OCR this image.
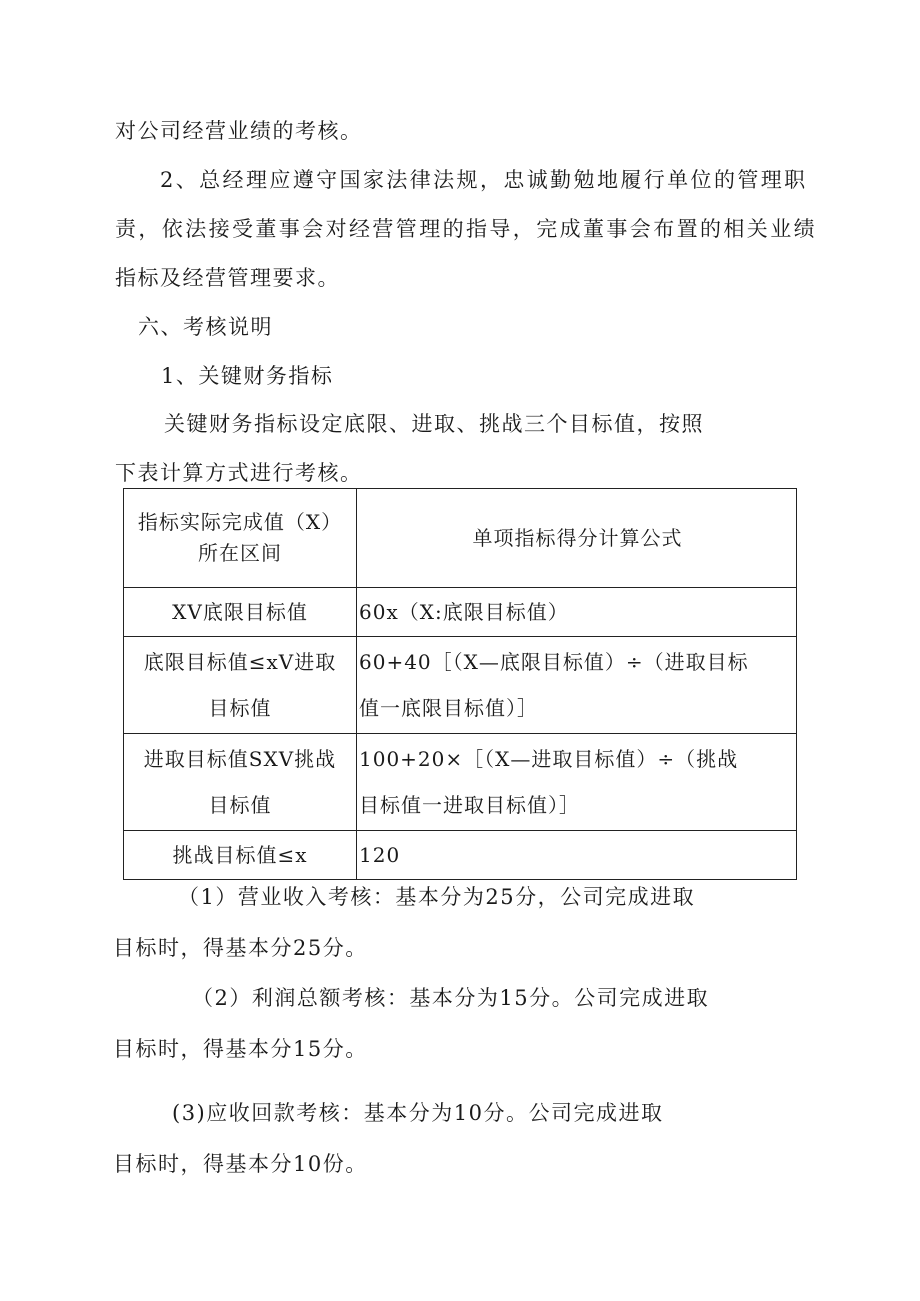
对公司经营业绩的考核。
2、总经理应遵守国家法律法规，忠诚勤勉地履行单位的管理职
责，依法接受董事会对经营管理的指导，完成董事会布置的相关业绩
指标及经营管理要求。
六、考核说明
1、关键财务指标
关键财务指标设定底限、进取、挑战三个目标值，按照
下表计算方式进行考核。
指标实际完成值（X）
所在区间	单项指标得分计算公式

XV底限目标值	60x（X:底限目标值）

底限目标值≤xV进取
目标值	60+40［（X—底限目标值）÷（进取目标
值一底限目标值）］

进取目标值SXV挑战
目标值	100+20×［（X—进取目标值）÷（挑战
目标值一进取目标值）］

挑战目标值≤x	120
（1）营业收入考核：基本分为25分，公司完成进取
目标时，得基本分25分。
（2）利润总额考核：基本分为15分。公司完成进取
目标时，得基本分15分。
(3)应收回款考核：基本分为10分。公司完成进取
目标时，得基本分10份。
